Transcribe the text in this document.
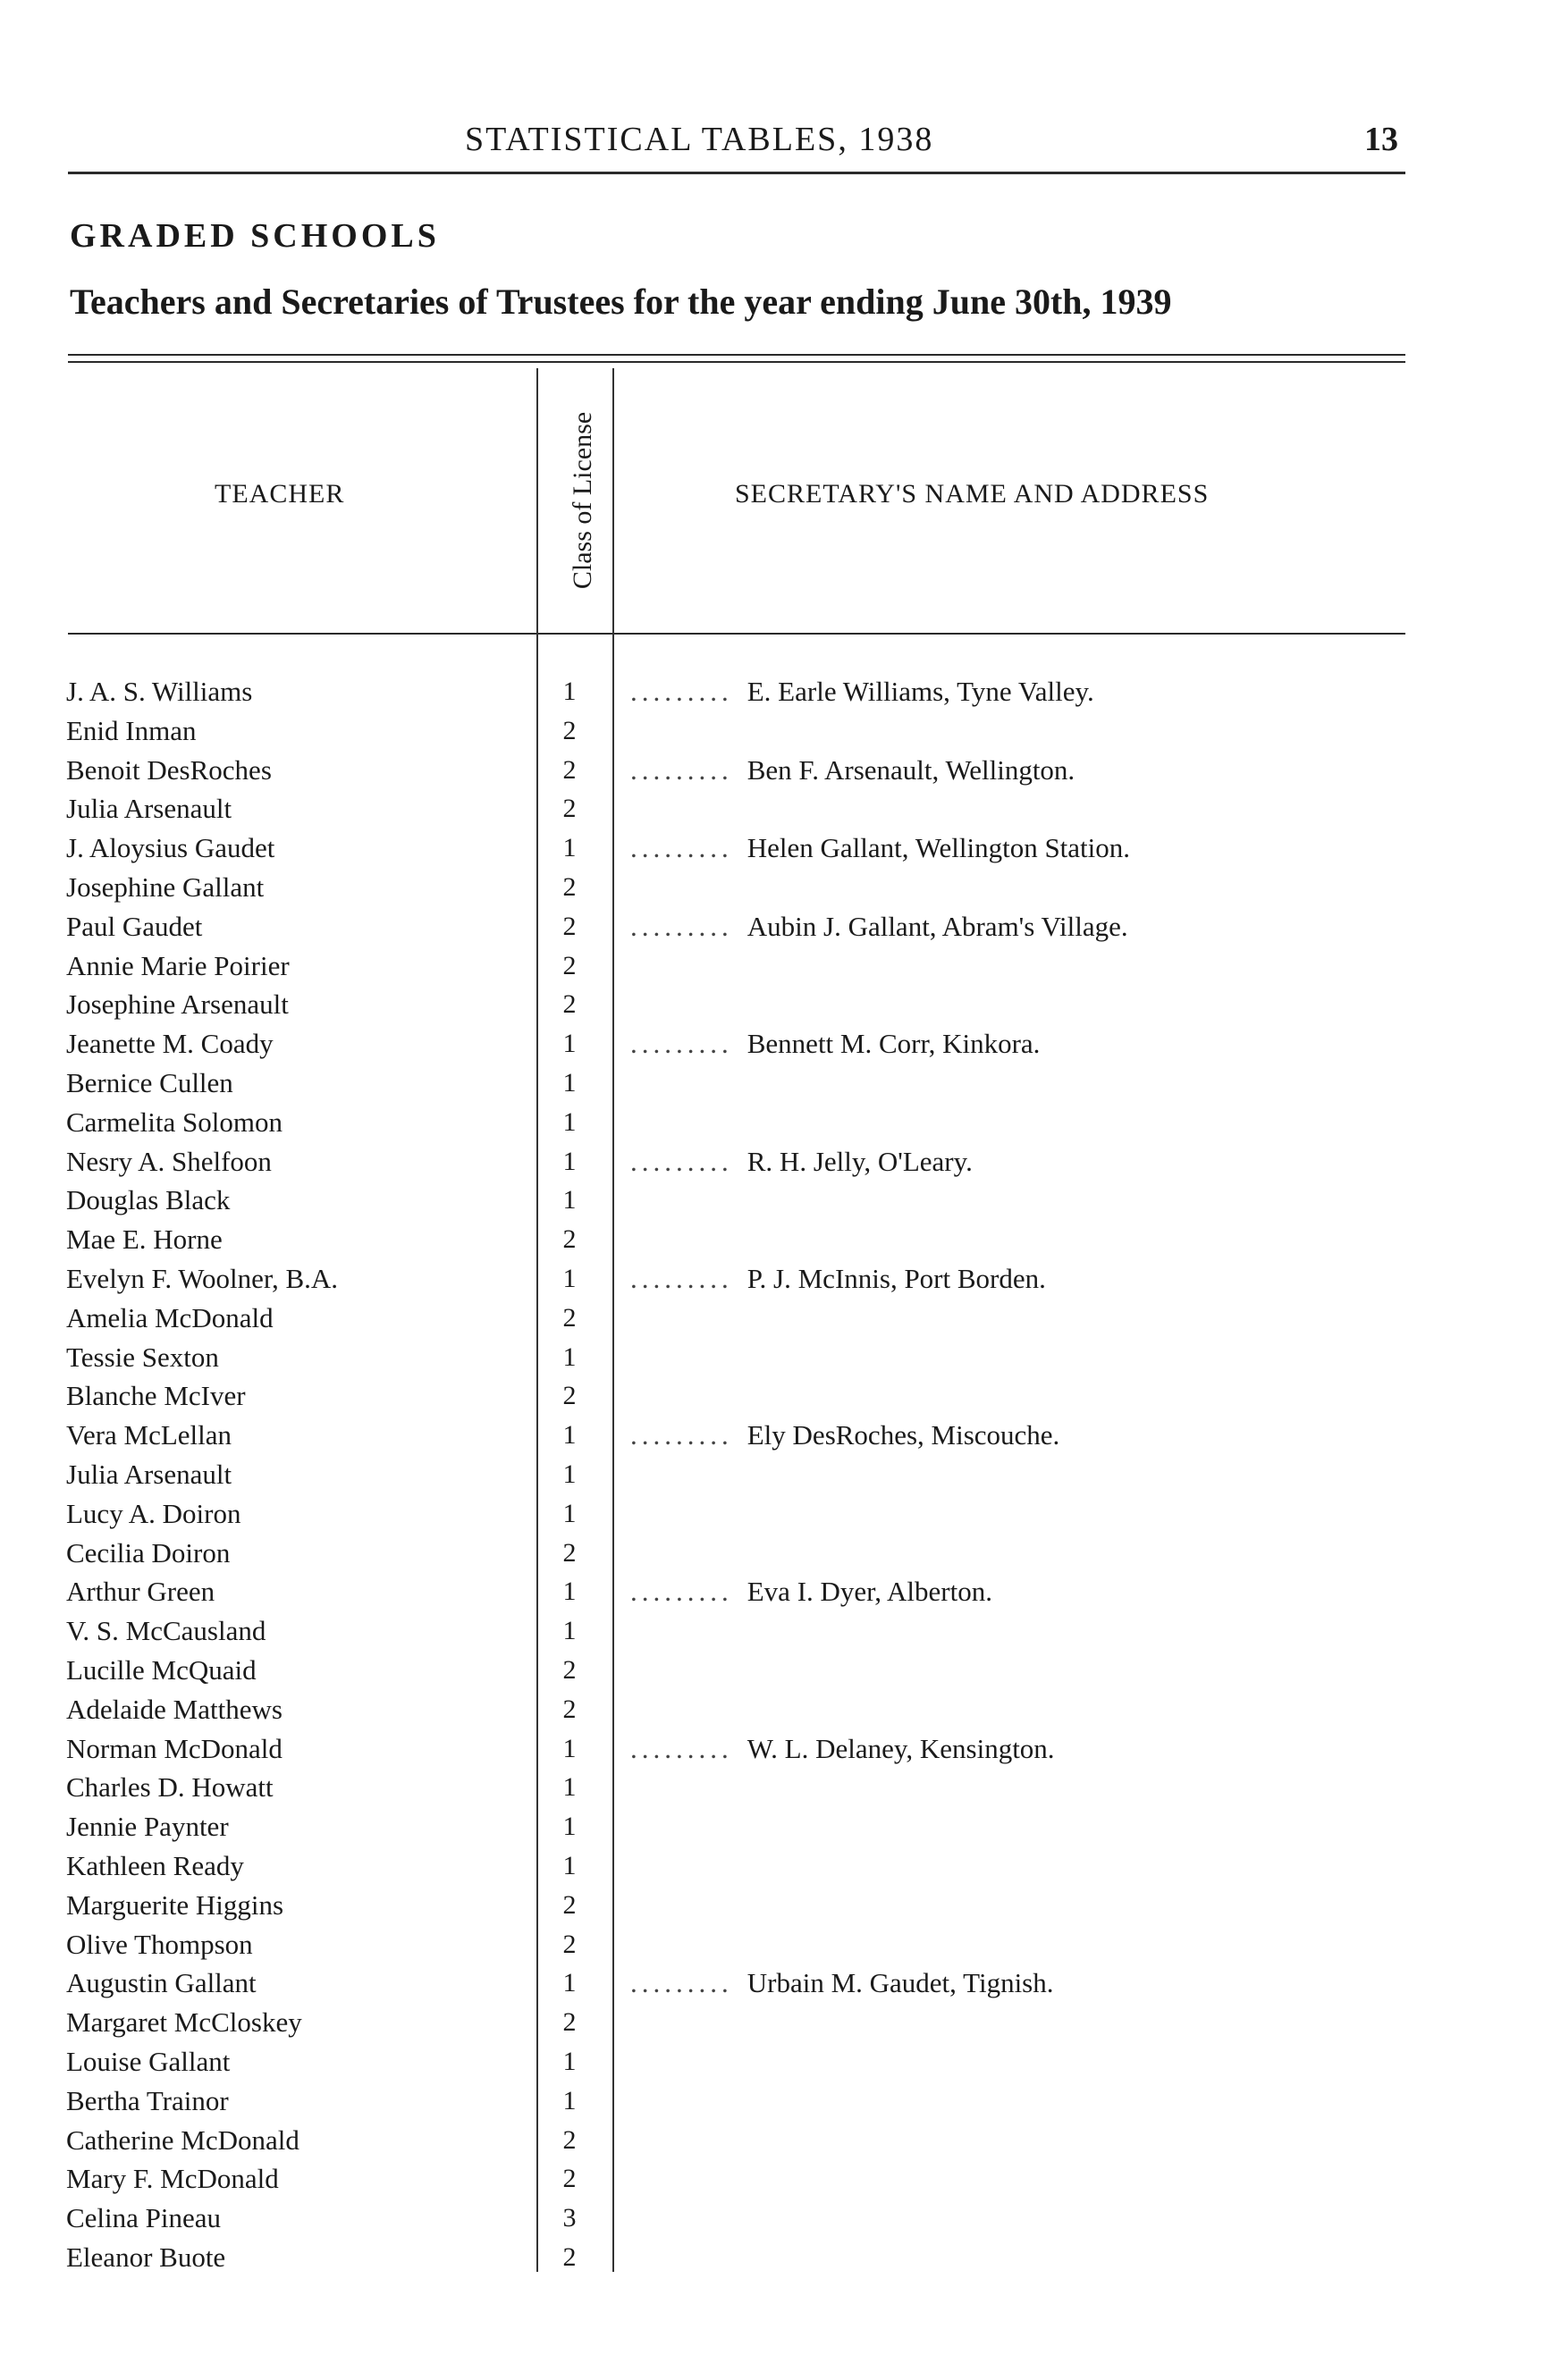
STATISTICAL TABLES, 1938	13
GRADED SCHOOLS
Teachers and Secretaries of Trustees for the year ending June 30th, 1939
TEACHER	Class of License	SECRETARY'S NAME AND ADDRESS
J. A. S. Williams .....	1 ......... E. Earle Williams, Tyne Valley.
Enid Inman .....	2
Benoit DesRoches .....	2 ......... Ben F. Arsenault, Wellington.
Julia Arsenault .....	2
J. Aloysius Gaudet .....	1 ......... Helen Gallant, Wellington Station.
Josephine Gallant .....	2
Paul Gaudet .....	2 ......... Aubin J. Gallant, Abram's Village.
Annie Marie Poirier .....	2
Josephine Arsenault .....	2
Jeanette M. Coady .....	1 ......... Bennett M. Corr, Kinkora.
Bernice Cullen .....	1
Carmelita Solomon .....	1
Nesry A. Shelfoon .....	1 ......... R. H. Jelly, O'Leary.
Douglas Black .....	1
Mae E. Horne .....	2
Evelyn F. Woolner, B.A. .....	1 ......... P. J. McInnis, Port Borden.
Amelia McDonald .....	2
Tessie Sexton .....	1
Blanche McIver .....	2
Vera McLellan .....	1 ......... Ely DesRoches, Miscouche.
Julia Arsenault .....	1
Lucy A. Doiron .....	1
Cecilia Doiron .....	2
Arthur Green .....	1 ......... Eva I. Dyer, Alberton.
V. S. McCausland .....	1
Lucille McQuaid .....	2
Adelaide Matthews .....	2
Norman McDonald .....	1 ......... W. L. Delaney, Kensington.
Charles D. Howatt .....	1
Jennie Paynter .....	1
Kathleen Ready .....	1
Marguerite Higgins .....	2
Olive Thompson .....	2
Augustin Gallant .....	1 ......... Urbain M. Gaudet, Tignish.
Margaret McCloskey .....	2
Louise Gallant .....	1
Bertha Trainor .....	1
Catherine McDonald .....	2
Mary F. McDonald .....	2
Celina Pineau .....	3
Eleanor Buote .....	2
